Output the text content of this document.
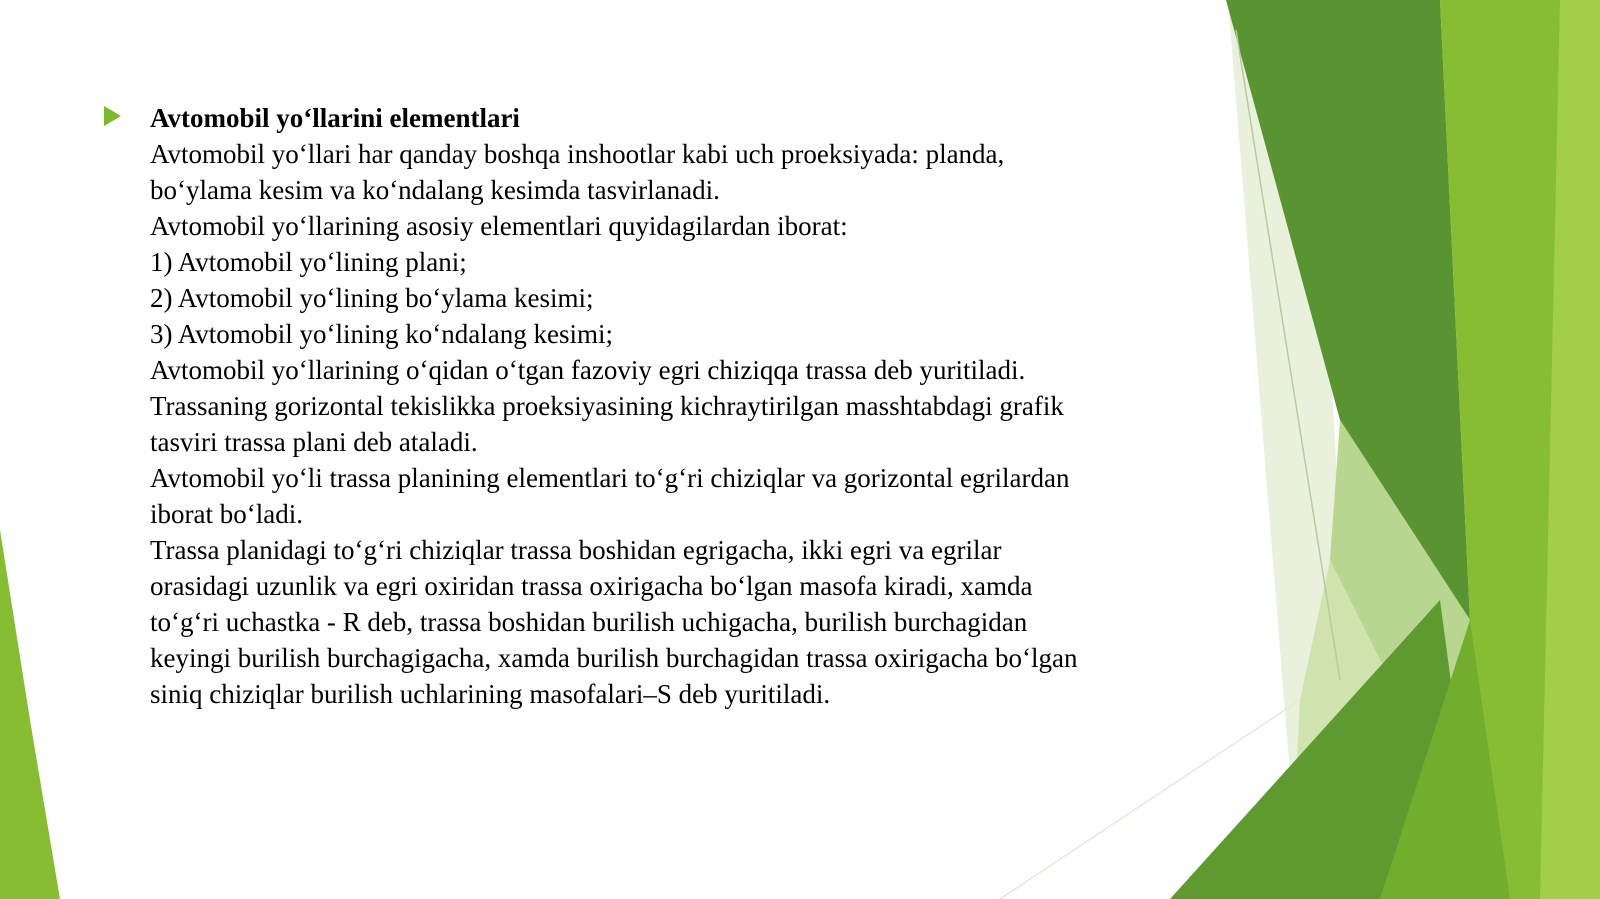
Avtomobil yo‘llarini elementlari
Avtomobil yo‘llari har qanday boshqa inshootlar kabi uch proeksiyada: planda,
bo‘ylama kesim va ko‘ndalang kesimda tasvirlanadi.
Avtomobil yo‘llarining asosiy elementlari quyidagilardan iborat:
1) Avtomobil yo‘lining plani;
2) Avtomobil yo‘lining bo‘ylama kesimi;
3) Avtomobil yo‘lining ko‘ndalang kesimi;
Avtomobil yo‘llarining o‘qidan o‘tgan fazoviy egri chiziqqa trassa deb yuritiladi.
Trassaning gorizontal tekislikka proeksiyasining kichraytirilgan masshtabdagi grafik
tasviri trassa plani deb ataladi.
Avtomobil yo‘li trassa planining elementlari to‘g‘ri chiziqlar va gorizontal egrilardan
iborat bo‘ladi.
Trassa planidagi to‘g‘ri chiziqlar trassa boshidan egrigacha, ikki egri va egrilar
orasidagi uzunlik va egri oxiridan trassa oxirigacha bo‘lgan masofa kiradi, xamda
to‘g‘ri uchastka - R deb, trassa boshidan burilish uchigacha, burilish burchagidan
keyingi burilish burchagigacha, xamda burilish burchagidan trassa oxirigacha bo‘lgan
siniq chiziqlar burilish uchlarining masofalari–S deb yuritiladi.
